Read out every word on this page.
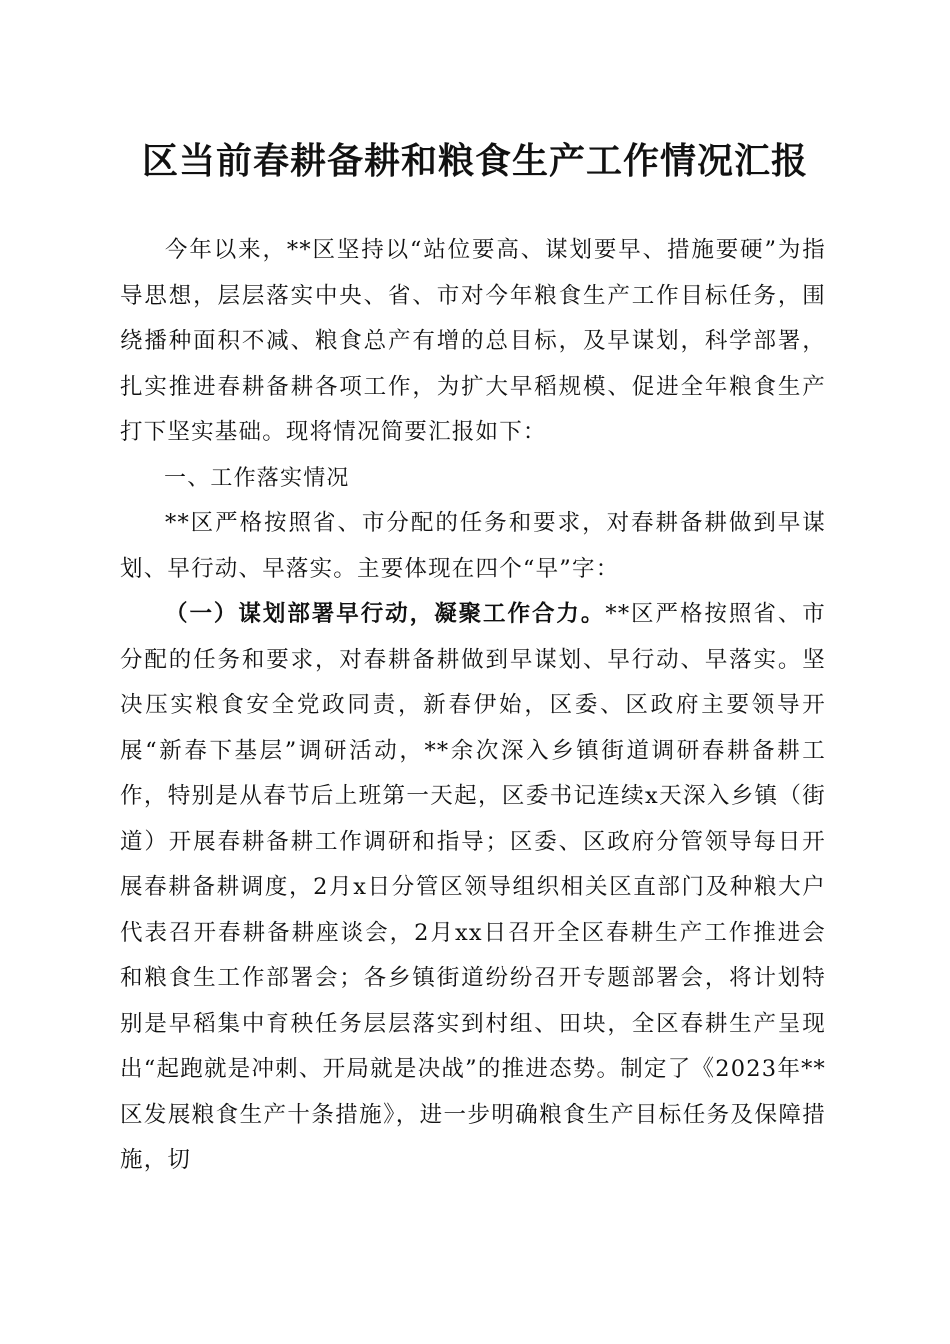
区当前春耕备耕和粮食生产工作情况汇报

今年以来，**区坚持以“站位要高、谋划要早、措施要硬”为指导思想，层层落实中央、省、市对今年粮食生产工作目标任务，围绕播种面积不减、粮食总产有增的总目标，及早谋划，科学部署，扎实推进春耕备耕各项工作，为扩大早稻规模、促进全年粮食生产打下坚实基础。现将情况简要汇报如下：

一、工作落实情况

**区严格按照省、市分配的任务和要求，对春耕备耕做到早谋划、早行动、早落实。主要体现在四个“早”字：

（一）谋划部署早行动，凝聚工作合力。**区严格按照省、市分配的任务和要求，对春耕备耕做到早谋划、早行动、早落实。坚决压实粮食安全党政同责，新春伊始，区委、区政府主要领导开展“新春下基层”调研活动，**余次深入乡镇街道调研春耕备耕工作，特别是从春节后上班第一天起，区委书记连续x天深入乡镇（街道）开展春耕备耕工作调研和指导；区委、区政府分管领导每日开展春耕备耕调度，2月x日分管区领导组织相关区直部门及种粮大户代表召开春耕备耕座谈会，2月xx日召开全区春耕生产工作推进会和粮食生工作部署会；各乡镇街道纷纷召开专题部署会，将计划特别是早稻集中育秧任务层层落实到村组、田块，全区春耕生产呈现出“起跑就是冲刺、开局就是决战”的推进态势。制定了《2023年**区发展粮食生产十条措施》，进一步明确粮食生产目标任务及保障措施，切
